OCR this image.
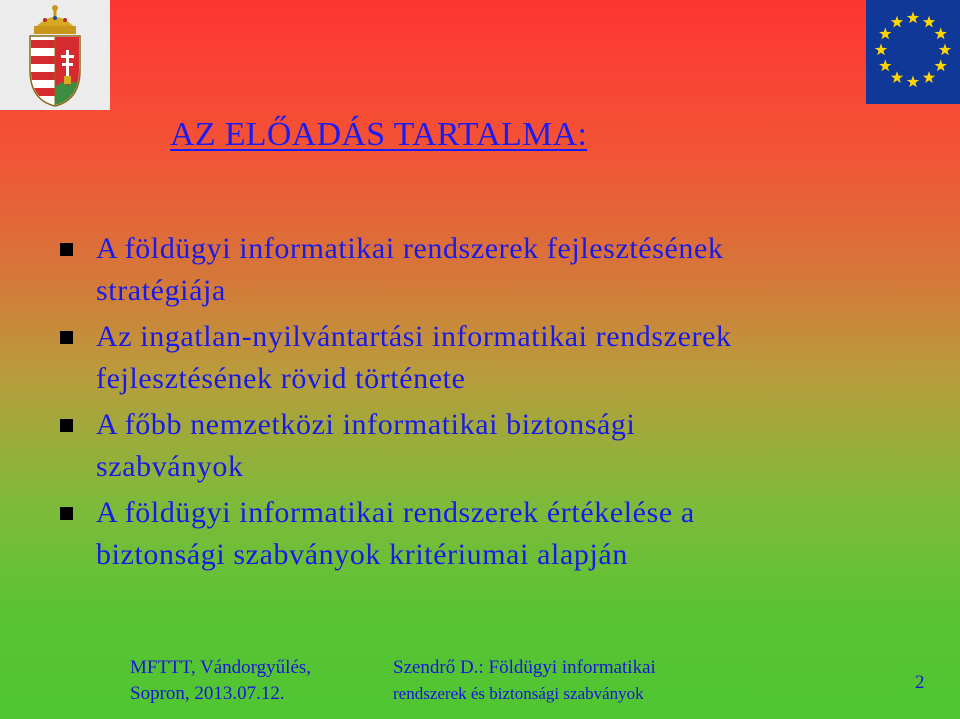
AZ ELŐADÁS TARTALMA:
A földügyi informatikai rendszerek fejlesztésének
stratégiája
Az ingatlan-nyilvántartási informatikai rendszerek
fejlesztésének rövid története
A főbb nemzetközi informatikai biztonsági
szabványok
A földügyi informatikai rendszerek értékelése a
biztonsági szabványok kritériumai alapján
MFTTT, Vándorgyűlés,
Sopron, 2013.07.12.
Szendrő D.: Földügyi informatikai
rendszerek és biztonsági szabványok
2
